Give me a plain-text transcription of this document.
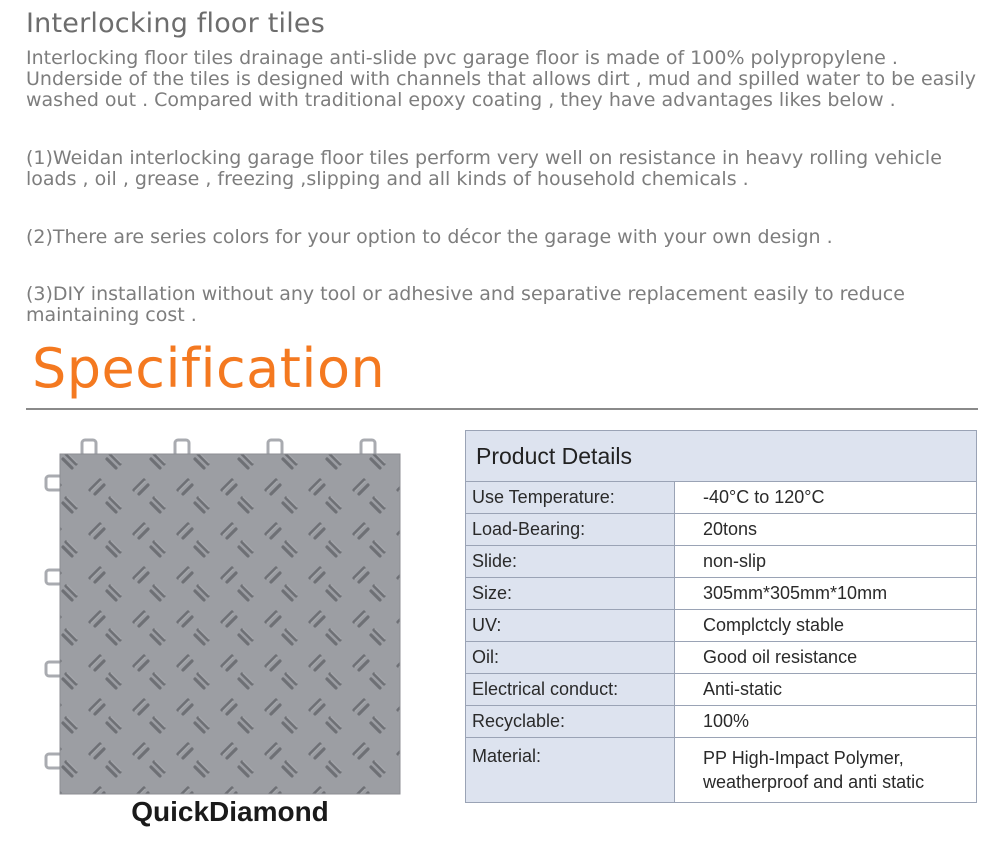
Interlocking floor tiles

Interlocking floor tiles drainage anti-slide pvc garage floor is made of 100% polypropylene .
Underside of the tiles is designed with channels that allows dirt , mud and spilled water to be easily
washed out . Compared with traditional epoxy coating , they have advantages likes below .

(1)Weidan interlocking garage floor tiles perform very well on resistance in heavy rolling vehicle
loads , oil , grease , freezing ,slipping and all kinds of household chemicals .

(2)There are series colors for your option to décor the garage with your own design .

(3)DIY installation without any tool or adhesive and separative replacement easily to reduce
maintaining cost .

Specification
QuickDiamond
Product Details	
Use Temperature:	-40°C to 120°C
Load-Bearing:	20tons
Slide:	non-slip
Size:	305mm*305mm*10mm
UV:	Complctcly stable
Oil:	Good oil resistance
Electrical conduct:	Anti-static
Recyclable:	100%
Material:	PP High-Impact Polymer,
weatherproof and anti static
